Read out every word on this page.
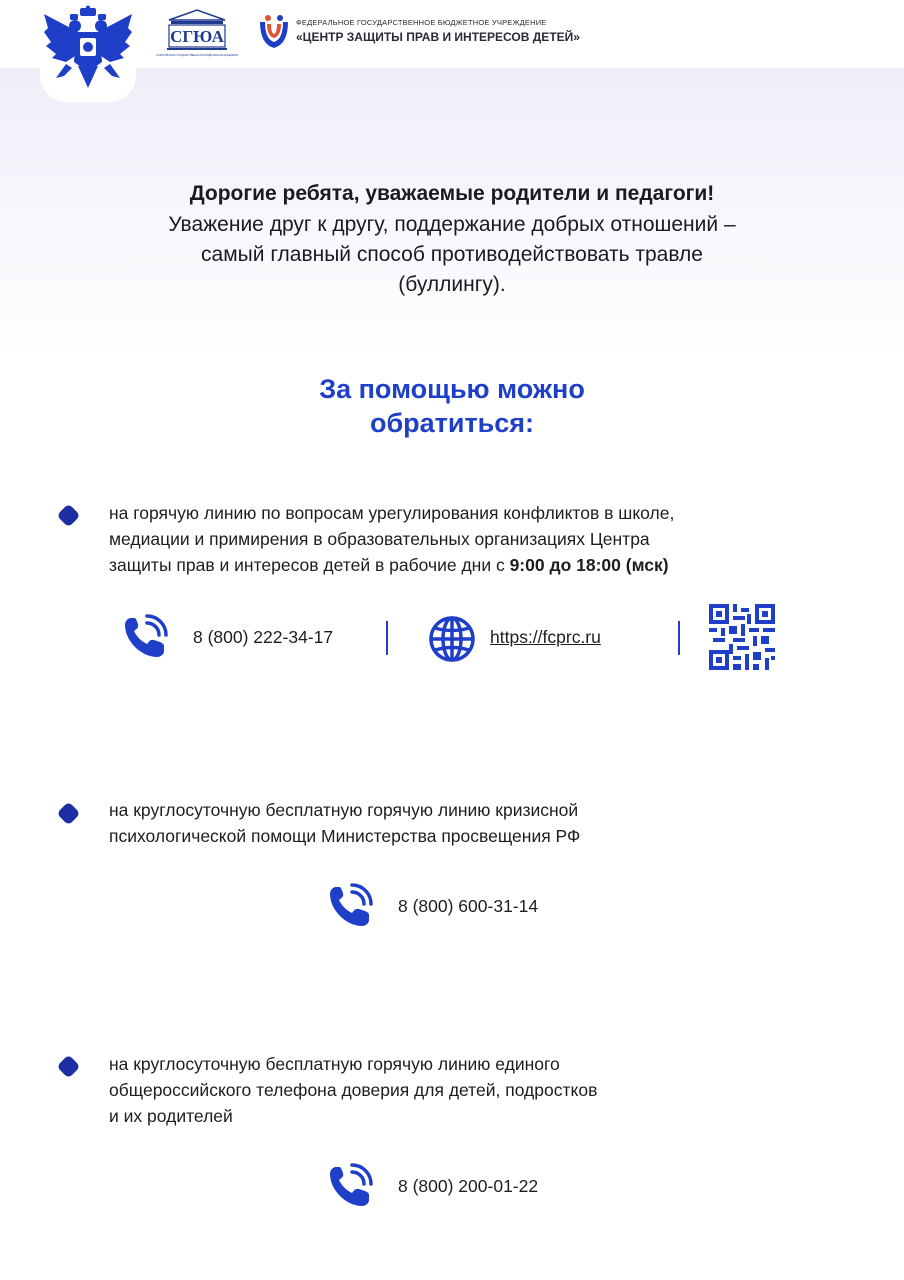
СГЮА
САРАТОВСКАЯ ГОСУДАРСТВЕННАЯ ЮРИДИЧЕСКАЯ АКАДЕМИЯ
ФЕДЕРАЛЬНОЕ ГОСУДАРСТВЕННОЕ БЮДЖЕТНОЕ УЧРЕЖДЕНИЕ
«ЦЕНТР ЗАЩИТЫ ПРАВ И ИНТЕРЕСОВ ДЕТЕЙ»
Дорогие ребята, уважаемые родители и педагоги!
Уважение друг к другу, поддержание добрых отношений –
самый главный способ противодействовать травле
(буллингу).
За помощью можно
обратиться:
на горячую линию по вопросам урегулирования конфликтов в школе,
медиации и примирения в образовательных организациях Центра
защиты прав и интересов детей в рабочие дни с 9:00 до 18:00 (мск)
8 (800) 222-34-17	https://fcprc.ru
на круглосуточную бесплатную горячую линию кризисной
психологической помощи Министерства просвещения РФ
8 (800) 600-31-14
на круглосуточную бесплатную горячую линию единого
общероссийского телефона доверия для детей, подростков
и их родителей
8 (800) 200-01-22
